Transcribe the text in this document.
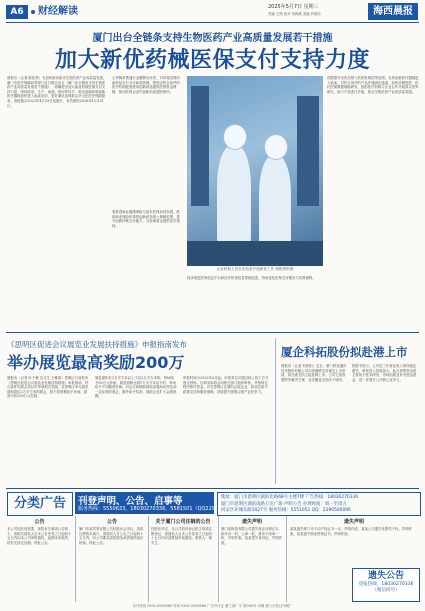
A6	财经解读	2025年5月7日 星期三
责编 王瑛 校对 刘海燕 美编 肖晓东	海西晨报
厦门出台全链条支持生物医药产业高质量发展若干措施
加大新优药械医保支付支持力度
晨报讯（记者 陈佳琪）为加快推动我市生物医药产业高质量发展，厦门市医疗保障局等部门近日联合出台《厦门市全链条支持生物医药产业高质量发展若干措施》，明确提出加大新优药械医保支付支持力度，围绕研发、生产、流通、使用等环节，推动创新药和创新医疗器械加快进入临床应用，更好满足参保群众多元化医疗保障需求。该措施自2025年4月29日起施行，有效期至2026年12月31日。
心采购单票通行金额费用补偿，对单笔结算的新药品实行支付标准管理，按规定符合条件的医疗机构配备使用创新药品提供医保资金保障，推动医保目录内创新药品进院使用。
企业科研人员在实验室开展研发工作 晨报资料图
要推进商业健康保险与基本医保协同发展，鼓励商业保险机构将创新药品纳入保障范围，提升创新药械支付能力，为参保群众提供更多选择。
同步推进医保信息平台和医疗机构信息系统改造，持续优化医保支付服务与结算流程。
时限提升至优先纳入医药机构招采挂网。支持创新医疗器械进入临床，对符合条件的产品开通绿色通道，加快挂网进度，依托医保数据赋能研发，鼓励医疗机构与企业合作开展真实世界研究，助力产品迭代升级，推动生物医药产业高质量发展。
《思明区促进会议展览业发展扶持措施》申报指南发布
举办展览最高奖励200万
晨报讯（记者 叶子蓁 实习生 王雅琪）思明区日前发布《思明区促进会议展览业发展扶持措施》申报指南，符合条件的展会项目可申请相关奖励。在思明区举办展览面积超过2万平方米的展会，按不同规模给予补助，最高可获200万元奖励。
展览面积在1万平方米以上不足2万平方米的，每场给予50万元补助；展览面积达到1万平方米以下的，每场给予不同额度补助。对会议规模和国际参展商比例达到一定标准的展会，额外给予奖励，鼓励企业扩大会展规模。
申报时间为2025年5月起，申报单位可通过线上线下方式提交材料。区商务局将会同相关部门组织审核，并按规定程序拨付资金。对在思明区注册的会展企业，将优先给予政策支持和服务保障，持续提升思明会展产业竞争力。
厦企科拓股份拟赴港上市
晨报讯（记者 刘贵阳）近日，厦门科拓通讯技术股份有限公司向香港联交所递交上市申请，拟在港交所主板挂牌上市。公司主营智慧停车解决方案，业务覆盖全国多个城市。
招股书显示，公司近三年营业收入保持稳定增长，研发投入持续加大。此次募集资金将主要用于技术研发、市场拓展及补充营运资金，进一步提升公司核心竞争力。
分类广告	刊登声明、公告、启事等
服务热线：5550633，18030270336，5581501（QQ2290500096）
地址：厦门市思明区湖滨北路68号主楼7楼 广告热线：18030270336
厦门市思明区湖滨南路万达广场 声明公告 办理时间：周一至周五
同安区环城东路1027号 服务热线：5551052 QQ：2290500096
公告
本公司因经营需要，现将有关事项公告如下，请相关债权人自本公告发布之日起四十五日内向本公司申报债权，逾期未申报的，按有关规定处理。特此公告。
公告
厦门市某贸易有限公司经股东会决议，拟将注册资本减少，请债权人自公告之日起四十五日内，向公司要求清偿债务或者提供相应担保。特此公告。
关于厦门公司注销的公告
经股东决定，本公司拟向登记机关申请注销登记，请债权人自本公告发布之日起四十五日内向清算组申报债权。联系人：林先生。
遗失声明
厦门某科技有限公司遗失营业执照正本、副本各一份，公章一枚，财务专用章一枚，声明作废。某某遗失身份证，声明作废。
遗失声明
某某遗失厦门市不动产权证书一本，声明作废。某某公司遗失发票若干份，声明作废。某某遗失职业资格证书，声明作废。
遗失公告
登报热线：18030270336
（微信同号）
本刊热线 0592-5559969 传真 0592-5559966 广告许可证 厦工商广字 第004号 印刷 厦门日报社印刷厂
